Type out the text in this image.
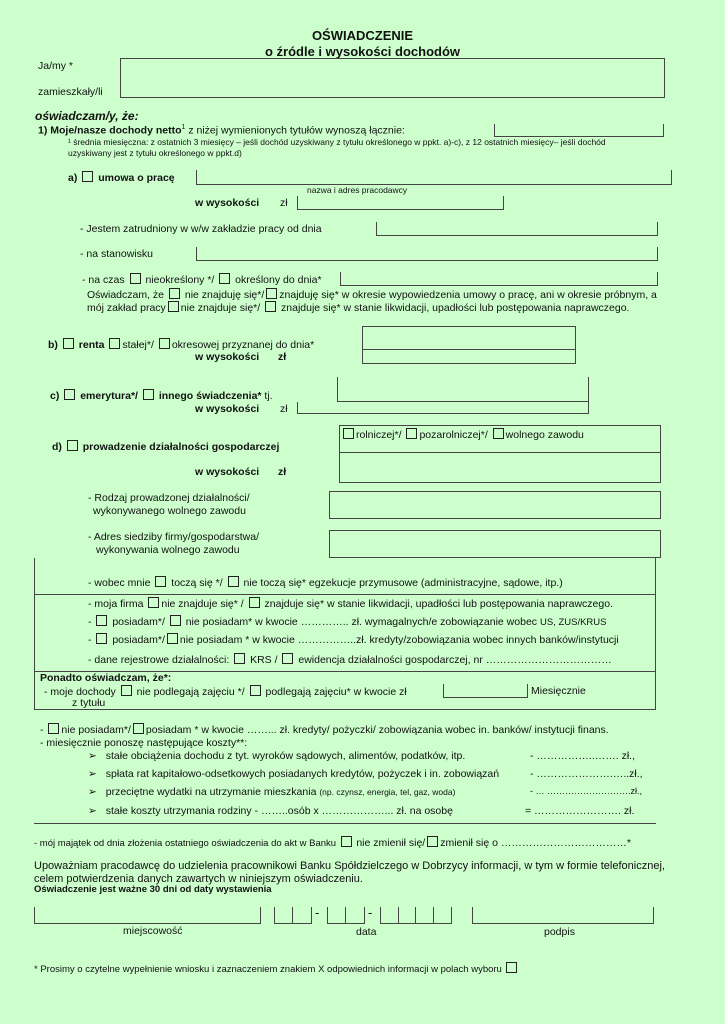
OŚWIADCZENIE
o źródle i wysokości dochodów
Ja/my *
zamieszkały/li
oświadczam/y, że:
1) Moje/nasze dochody netto$^1$ z niżej wymienionych tytułów wynoszą łącznie:
¹ średnia miesięczna: z ostatnich 3 miesięcy – jeśli dochód uzyskiwany z tytułu określonego w ppkt. a)-c), z 12 ostatnich miesięcy– jeśli dochód
uzyskiwany jest z tytułu określonego w ppkt.d)
a) umowa o pracę
nazwa i adres pracodawcy
w wysokości zł
- Jestem zatrudniony w w/w zakładzie pracy od dnia
- na stanowisku
- na czas nieokreślony */ określony do dnia*
Oświadczam, że nie znajduję się*/ znajduję się* w okresie wypowiedzenia umowy o pracę, ani w okresie próbnym, a
mój zakład pracy nie znajduje się*/ znajduje się* w stanie likwidacji, upadłości lub postępowania naprawczego.
b) renta stałej*/ okresowej przyznanej do dnia*
w wysokości zł
c) emerytura*/ innego świadczenia* tj.
w wysokości zł
rolniczej*/ pozarolniczej*/ wolnego zawodu
d) prowadzenie działalności gospodarczej
w wysokości zł
- Rodzaj prowadzonej działalności/
wykonywanego wolnego zawodu
- Adres siedziby firmy/gospodarstwa/
wykonywania wolnego zawodu
- wobec mnie toczą się */ nie toczą się* egzekucje przymusowe (administracyjne, sądowe, itp.)
- moja firma nie znajduje się* / znajduje się* w stanie likwidacji, upadłości lub postępowania naprawczego.
- posiadam*/ nie posiadam* w kwocie ………….. zł. wymagalnych/e zobowiązanie wobec US, ZUS/KRUS
- posiadam*/ nie posiadam * w kwocie ……………..zł. kredyty/zobowiązania wobec innych banków/instytucji
- dane rejestrowe działalności: KRS / ewidencja działalności gospodarczej, nr ………………………………
Ponadto oświadczam, że*:
- moje dochody nie podlegają zajęciu */ podlegają zajęciu* w kwocie zł	Miesięcznie
z tytułu
- nie posiadam*/ posiadam * w kwocie ……... zł. kredyty/ pożyczki/ zobowiązania wobec in. banków/ instytucji finans.
- miesięcznie ponoszę następujące koszty**:
➢ stałe obciążenia dochodu z tyt. wyroków sądowych, alimentów, podatków, itp.	- ……………..……. zł.,
➢ spłata rat kapitałowo-odsetkowych posiadanych kredytów, pożyczek i in. zobowiązań	- ………………….…..zł.,
➢ przeciętne wydatki na utrzymanie mieszkania (np. czynsz, energia, tel, gaz, woda)	- … ……………………….zł.,
➢ stałe koszty utrzymania rodziny - ……..osób x ………………... zł. na osobę	= ……………………. zł.
- mój majątek od dnia złożenia ostatniego oświadczenia do akt w Banku nie zmienił się/ zmienił się o ………………………………*
Upoważniam pracodawcę do udzielenia pracownikowi Banku Spółdzielczego w Dobrzycy informacji, w tym w formie telefonicznej,
celem potwierdzenia danych zawartych w niniejszym oświadczeniu.
Oświadczenie jest ważne 30 dni od daty wystawienia
miejscowość
-	-
data	podpis
* Prosimy o czytelne wypełnienie wniosku i zaznaczeniem znakiem X odpowiednich informacji w polach wyboru
